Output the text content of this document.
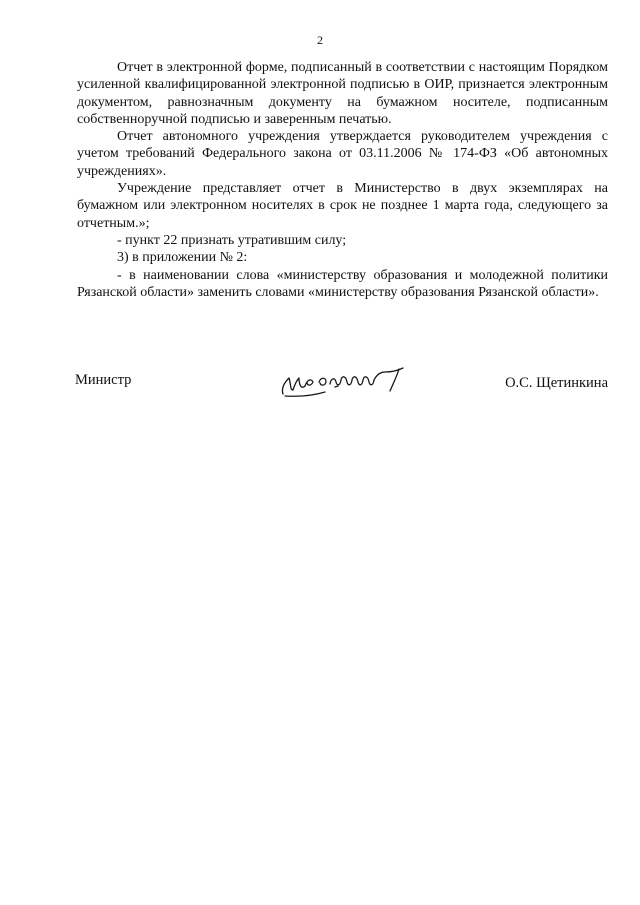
2

Отчет в электронной форме, подписанный в соответствии с настоящим Порядком усиленной квалифицированной электронной подписью в ОИР, признается электронным документом, равнозначным документу на бумажном носителе, подписанным собственноручной подписью и заверенным печатью.

Отчет автономного учреждения утверждается руководителем учреждения с учетом требований Федерального закона от 03.11.2006 № 174-ФЗ «Об автономных учреждениях».

Учреждение представляет отчет в Министерство в двух экземплярах на бумажном или электронном носителях в срок не позднее 1 марта года, следующего за отчетным.»;

- пункт 22 признать утратившим силу;

3) в приложении № 2:

- в наименовании слова «министерству образования и молодежной политики Рязанской области» заменить словами «министерству образования Рязанской области».

Министр	О.С. Щетинкина
